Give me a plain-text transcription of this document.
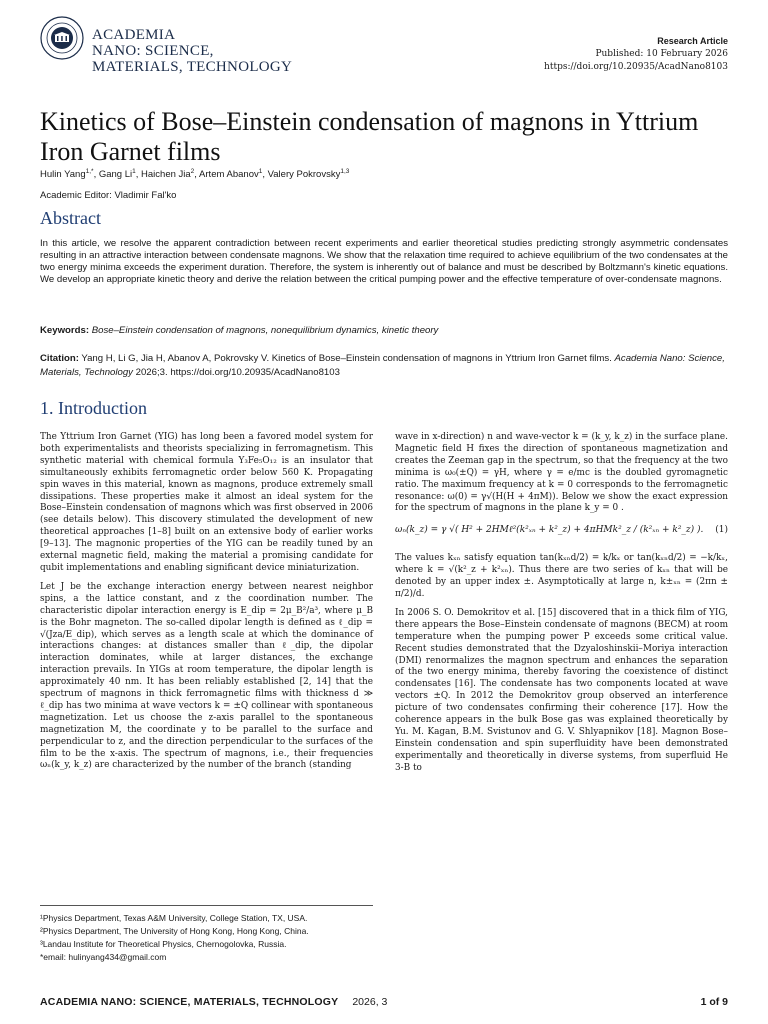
ACADEMIA
NANO: SCIENCE,
MATERIALS, TECHNOLOGY
Research Article
Published: 10 February 2026
https://doi.org/10.20935/AcadNano8103
Kinetics of Bose–Einstein condensation of magnons in Yttrium Iron Garnet films
Hulin Yang$^{1,*}$, Gang Li$^1$, Haichen Jia$^2$, Artem Abanov$^1$, Valery Pokrovsky$^{1,3}$
Academic Editor: Vladimir Fal'ko
Abstract
In this article, we resolve the apparent contradiction between recent experiments and earlier theoretical studies predicting strongly asymmetric condensates resulting in an attractive interaction between condensate magnons. We show that the relaxation time required to achieve equilibrium of the two condensates at the two energy minima exceeds the experiment duration. Therefore, the system is inherently out of balance and must be described by Boltzmann's kinetic equations. We develop an appropriate kinetic theory and derive the relation between the critical pumping power and the effective temperature of over-condensate magnons.
Keywords: Bose–Einstein condensation of magnons, nonequilibrium dynamics, kinetic theory
Citation: Yang H, Li G, Jia H, Abanov A, Pokrovsky V. Kinetics of Bose–Einstein condensation of magnons in Yttrium Iron Garnet films. Academia Nano: Science, Materials, Technology 2026;3. https://doi.org/10.20935/AcadNano8103
1. Introduction

The Yttrium Iron Garnet (YIG) has long been a favored model system for both experimentalists and theorists specializing in ferromagnetism. This synthetic material with chemical formula Y₃Fe₅O₁₂ is an insulator that simultaneously exhibits ferromagnetic order below 560 K. Propagating spin waves in this material, known as magnons, produce extremely small dissipations. These properties make it almost an ideal system for the Bose–Einstein condensation of magnons which was first observed in 2006 (see details below). This discovery stimulated the development of new theoretical approaches [1–8] built on an extensive body of earlier works [9–13]. The magnonic properties of the YIG can be readily tuned by an external magnetic field, making the material a promising candidate for qubit implementations and enabling significant device miniaturization.

Let J be the exchange interaction energy between nearest neighbor spins, a the lattice constant, and z the coordination number. The characteristic dipolar interaction energy is E_dip = 2μ_B²/a³, where μ_B is the Bohr magneton. The so-called dipolar length is defined as ℓ_dip = √(Jza/E_dip), which serves as a length scale at which the dominance of interactions changes: at distances smaller than ℓ_dip, the dipolar interaction dominates, while at larger distances, the exchange interaction prevails. In YIGs at room temperature, the dipolar length is approximately 40 nm. It has been reliably established [2, 14] that the spectrum of magnons in thick ferromagnetic films with thickness d ≫ ℓ_dip has two minima at wave vectors k = ±Q collinear with spontaneous magnetization. Let us choose the z-axis parallel to the spontaneous magnetization M, the coordinate y to be parallel to the surface and perpendicular to z, and the direction perpendicular to the surfaces of the film to be the x-axis. The spectrum of magnons, i.e., their frequencies ωₙ(k_y, k_z) are characterized by the number of the branch (standing

wave in x-direction) n and wave-vector k = (k_y, k_z) in the surface plane. Magnetic field H fixes the direction of spontaneous magnetization and creates the Zeeman gap in the spectrum, so that the frequency at the two minima is ω₀(±Q) = γH, where γ = e/mc is the doubled gyromagnetic ratio. The maximum frequency at k = 0 corresponds to the ferromagnetic resonance: ω(0) = γ√(H(H + 4πM)). Below we show the exact expression for the spectrum of magnons in the plane k_y = 0 .

ωₙ(k_z) = γ √( H² + 2HMℓ²(k²ₓₙ + k²_z) + 4πHMk²_z / (k²ₓₙ + k²_z) ). (1)

The values kₓₙ satisfy equation tan(kₓₙd/2) = k/kₓ or tan(kₓₙd/2) = −k/kₓ, where k = √(k²_z + k²ₓₙ). Thus there are two series of kₓₙ that will be denoted by an upper index ±. Asymptotically at large n, k±ₓₙ = (2πn ± π/2)/d.

In 2006 S. O. Demokritov et al. [15] discovered that in a thick film of YIG, there appears the Bose–Einstein condensate of magnons (BECM) at room temperature when the pumping power P exceeds some critical value. Recent studies demonstrated that the Dzyaloshinskii–Moriya interaction (DMI) renormalizes the magnon spectrum and enhances the separation of the two energy minima, thereby favoring the coexistence of distinct condensates [16]. The condensate has two components located at wave vectors ±Q. In 2012 the Demokritov group observed an interference picture of two condensates confirming their coherence [17]. How the coherence appears in the bulk Bose gas was explained theoretically by Yu. M. Kagan, B.M. Svistunov and G. V. Shlyapnikov [18]. Magnon Bose–Einstein condensation and spin superfluidity have been demonstrated experimentally and theoretically in diverse systems, from superfluid He 3-B to

¹Physics Department, Texas A&M University, College Station, TX, USA.
²Physics Department, The University of Hong Kong, Hong Kong, China.
³Landau Institute for Theoretical Physics, Chernogolovka, Russia.
*email: hulinyang434@gmail.com
ACADEMIA NANO: SCIENCE, MATERIALS, TECHNOLOGY 2026, 3	1 of 9
